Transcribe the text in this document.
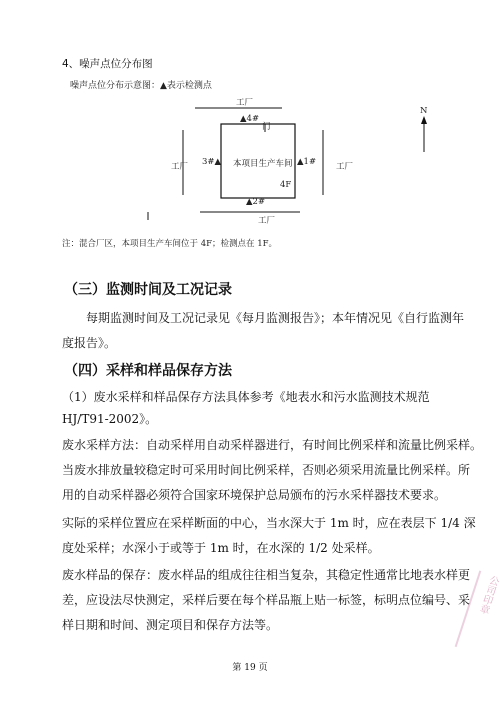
4、噪声点位分布图
噪声点位分布示意图：▲表示检测点
工厂
▲4#
门
工厂 3#▲ 本项目生产车间 ▲1# 工厂
4F
▲2#
工厂
N
注：混合厂区，本项目生产车间位于 4F；检测点在 1F。
（三）监测时间及工况记录
每期监测时间及工况记录见《每月监测报告》；本年情况见《自行监测年
度报告》。
（四）采样和样品保存方法
（1）废水采样和样品保存方法具体参考《地表水和污水监测技术规范
HJ/T91-2002》。
废水采样方法：自动采样用自动采样器进行，有时间比例采样和流量比例采样。
当废水排放量较稳定时可采用时间比例采样，否则必须采用流量比例采样。所
用的自动采样器必须符合国家环境保护总局颁布的污水采样器技术要求。
实际的采样位置应在采样断面的中心，当水深大于 1m 时，应在表层下 1/4 深
度处采样；水深小于或等于 1m 时，在水深的 1/2 处采样。
废水样品的保存：废水样品的组成往往相当复杂，其稳定性通常比地表水样更
差，应设法尽快测定，采样后要在每个样品瓶上贴一标签，标明点位编号、采
样日期和时间、测定项目和保存方法等。
公司印章
第 19 页
